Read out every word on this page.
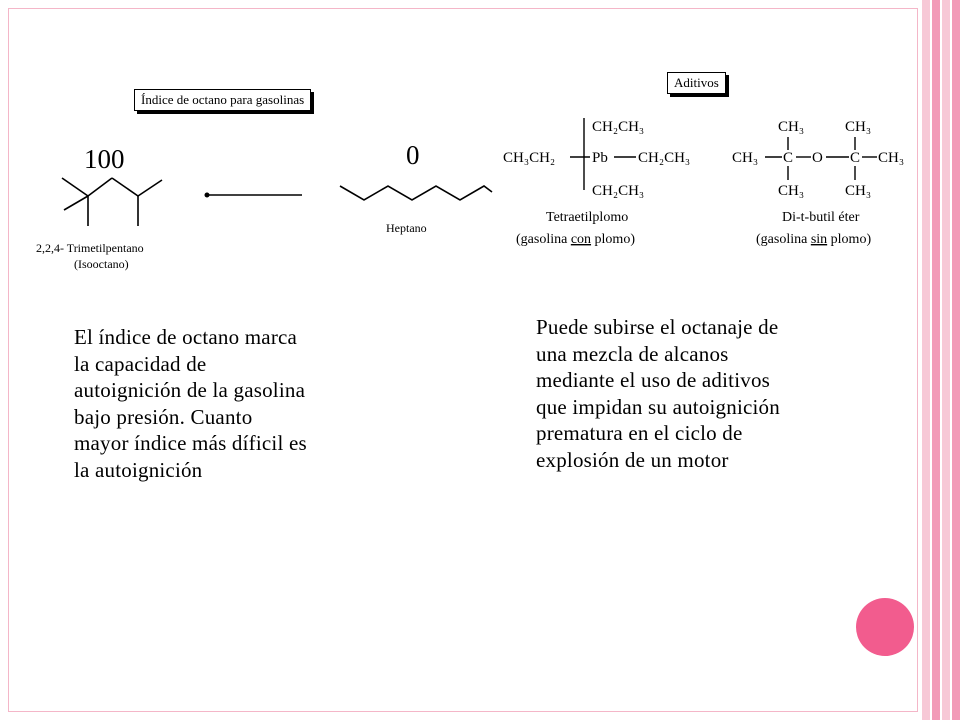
Índice de octano para gasolinas
Aditivos
100
2,2,4- Trimetilpentano
(Isooctano)
0
Heptano
CH₂CH₃
CH₃CH₂ Pb CH₂CH₃
CH₂CH₃
Tetraetilplomo
(gasolina con plomo)
CH₃	CH₃
CH₃ C O C CH₃
CH₃	CH₃
Di-t-butil éter
(gasolina sin plomo)
El índice de octano marca
la capacidad de
autoignición de la gasolina
bajo presión. Cuanto
mayor índice más díficil es
la autoignición
Puede subirse el octanaje de
una mezcla de alcanos
mediante el uso de aditivos
que impidan su autoignición
prematura en el ciclo de
explosión de un motor
